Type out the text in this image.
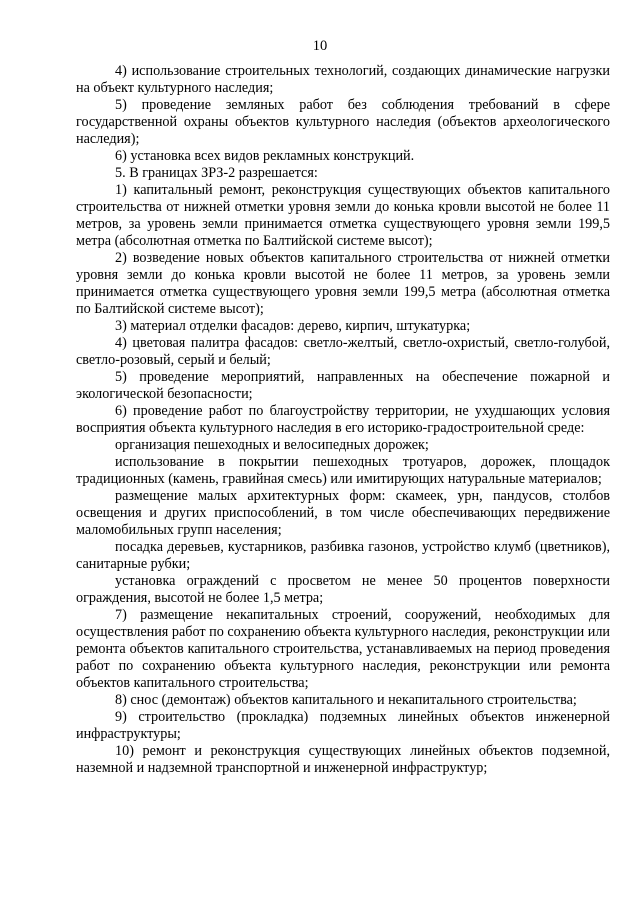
10

4) использование строительных технологий, создающих динамические нагрузки на объект культурного наследия;

5) проведение земляных работ без соблюдения требований в сфере государственной охраны объектов культурного наследия (объектов археологического наследия);

6) установка всех видов рекламных конструкций.

5. В границах ЗРЗ-2 разрешается:

1) капитальный ремонт, реконструкция существующих объектов капитального строительства от нижней отметки уровня земли до конька кровли высотой не более 11 метров, за уровень земли принимается отметка существующего уровня земли 199,5 метра (абсолютная отметка по Балтийской системе высот);

2) возведение новых объектов капитального строительства от нижней отметки уровня земли до конька кровли высотой не более 11 метров, за уровень земли принимается отметка существующего уровня земли 199,5 метра (абсолютная отметка по Балтийской системе высот);

3) материал отделки фасадов: дерево, кирпич, штукатурка;

4) цветовая палитра фасадов: светло-желтый, светло-охристый, светло-голубой, светло-розовый, серый и белый;

5) проведение мероприятий, направленных на обеспечение пожарной и экологической безопасности;

6) проведение работ по благоустройству территории, не ухудшающих условия восприятия объекта культурного наследия в его историко-градостроительной среде:

организация пешеходных и велосипедных дорожек;

использование в покрытии пешеходных тротуаров, дорожек, площадок традиционных (камень, гравийная смесь) или имитирующих натуральные материалов;

размещение малых архитектурных форм: скамеек, урн, пандусов, столбов освещения и других приспособлений, в том числе обеспечивающих передвижение маломобильных групп населения;

посадка деревьев, кустарников, разбивка газонов, устройство клумб (цветников), санитарные рубки;

установка ограждений с просветом не менее 50 процентов поверхности ограждения, высотой не более 1,5 метра;

7) размещение некапитальных строений, сооружений, необходимых для осуществления работ по сохранению объекта культурного наследия, реконструкции или ремонта объектов капитального строительства, устанавливаемых на период проведения работ по сохранению объекта культурного наследия, реконструкции или ремонта объектов капитального строительства;

8) снос (демонтаж) объектов капитального и некапитального строительства;

9) строительство (прокладка) подземных линейных объектов инженерной инфраструктуры;

10) ремонт и реконструкция существующих линейных объектов подземной, наземной и надземной транспортной и инженерной инфраструктур;
